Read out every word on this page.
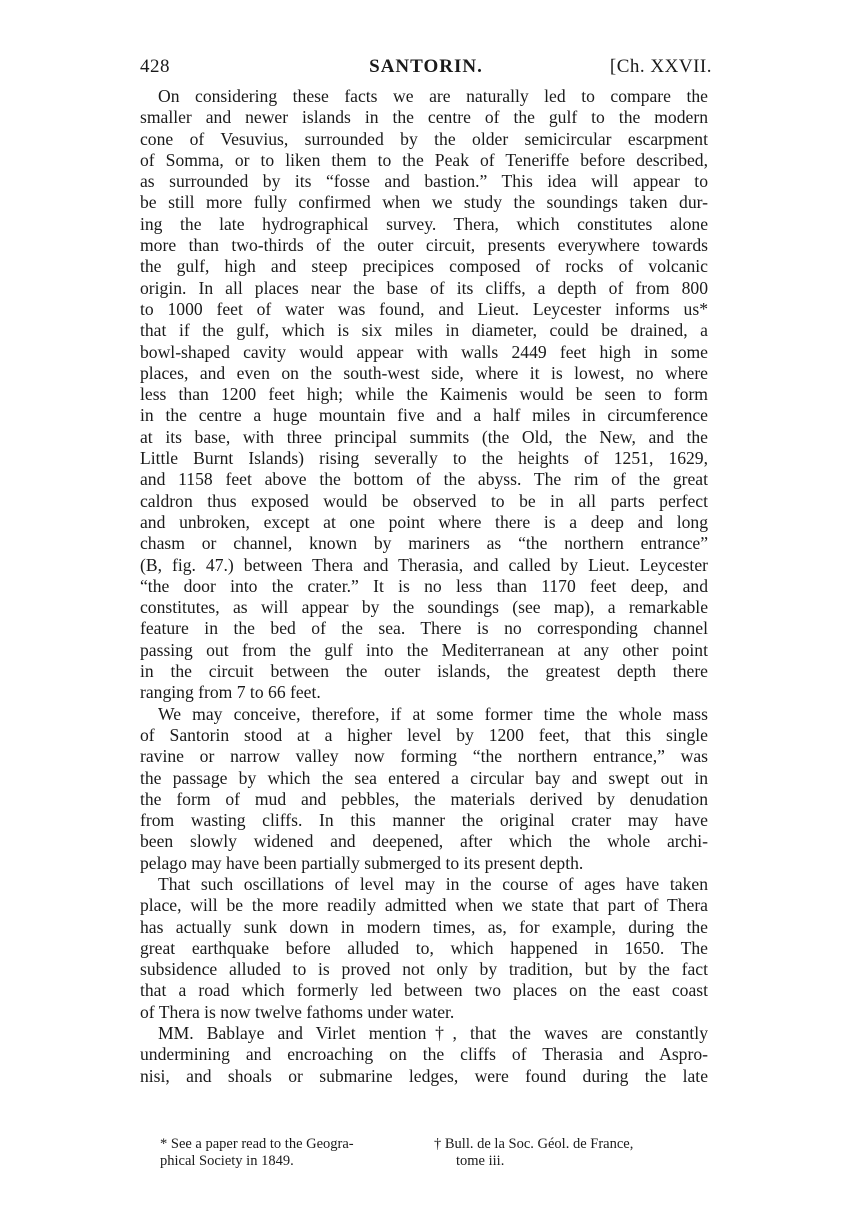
428	SANTORIN.	[Ch. XXVII.
On considering these facts we are naturally led to compare the
smaller and newer islands in the centre of the gulf to the modern
cone of Vesuvius, surrounded by the older semicircular escarpment
of Somma, or to liken them to the Peak of Teneriffe before described,
as surrounded by its “fosse and bastion.” This idea will appear to
be still more fully confirmed when we study the soundings taken dur-
ing the late hydrographical survey. Thera, which constitutes alone
more than two-thirds of the outer circuit, presents everywhere towards
the gulf, high and steep precipices composed of rocks of volcanic
origin. In all places near the base of its cliffs, a depth of from 800
to 1000 feet of water was found, and Lieut. Leycester informs us*
that if the gulf, which is six miles in diameter, could be drained, a
bowl-shaped cavity would appear with walls 2449 feet high in some
places, and even on the south-west side, where it is lowest, no where
less than 1200 feet high; while the Kaimenis would be seen to form
in the centre a huge mountain five and a half miles in circumference
at its base, with three principal summits (the Old, the New, and the
Little Burnt Islands) rising severally to the heights of 1251, 1629,
and 1158 feet above the bottom of the abyss. The rim of the great
caldron thus exposed would be observed to be in all parts perfect
and unbroken, except at one point where there is a deep and long
chasm or channel, known by mariners as “the northern entrance”
(B, fig. 47.) between Thera and Therasia, and called by Lieut. Leycester
“the door into the crater.” It is no less than 1170 feet deep, and
constitutes, as will appear by the soundings (see map), a remarkable
feature in the bed of the sea. There is no corresponding channel
passing out from the gulf into the Mediterranean at any other point
in the circuit between the outer islands, the greatest depth there
ranging from 7 to 66 feet.
We may conceive, therefore, if at some former time the whole mass
of Santorin stood at a higher level by 1200 feet, that this single
ravine or narrow valley now forming “the northern entrance,” was
the passage by which the sea entered a circular bay and swept out in
the form of mud and pebbles, the materials derived by denudation
from wasting cliffs. In this manner the original crater may have
been slowly widened and deepened, after which the whole archi-
pelago may have been partially submerged to its present depth.
That such oscillations of level may in the course of ages have taken
place, will be the more readily admitted when we state that part of Thera
has actually sunk down in modern times, as, for example, during the
great earthquake before alluded to, which happened in 1650. The
subsidence alluded to is proved not only by tradition, but by the fact
that a road which formerly led between two places on the east coast
of Thera is now twelve fathoms under water.
MM. Bablaye and Virlet mention†, that the waves are constantly
undermining and encroaching on the cliffs of Therasia and Aspro-
nisi, and shoals or submarine ledges, were found during the late
* See a paper read to the Geogra-
phical Society in 1849.
† Bull. de la Soc. Géol. de France,
tome iii.
